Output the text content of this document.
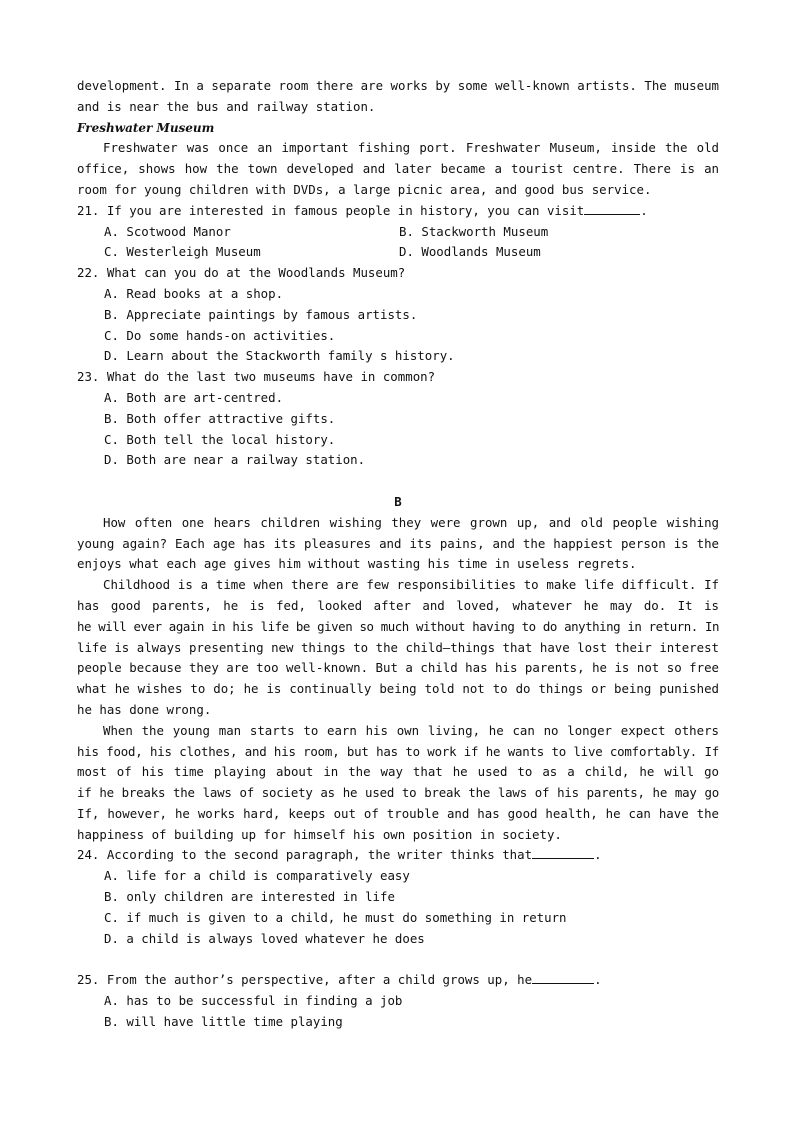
development. In a separate room there are works by some well-known artists. The museum
and is near the bus and railway station.
Freshwater Museum
Freshwater was once an important fishing port. Freshwater Museum, inside the old
office, shows how the town developed and later became a tourist centre. There is an
room for young children with DVDs, a large picnic area, and good bus service.
21. If you are interested in famous people in history, you can visit	.
A. Scotwood Manor	B. Stackworth Museum
C. Westerleigh Museum	D. Woodlands Museum
22. What can you do at the Woodlands Museum?
A. Read books at a shop.
B. Appreciate paintings by famous artists.
C. Do some hands-on activities.
D. Learn about the Stackworth family s history.
23. What do the last two museums have in common?
A. Both are art-centred.
B. Both offer attractive gifts.
C. Both tell the local history.
D. Both are near a railway station.
B
How often one hears children wishing they were grown up, and old people wishing
young again? Each age has its pleasures and its pains, and the happiest person is the
enjoys what each age gives him without wasting his time in useless regrets.
Childhood is a time when there are few responsibilities to make life difficult. If
has good parents, he is fed, looked after and loved, whatever he may do. It is
he will ever again in his life be given so much without having to do anything in return. In
life is always presenting new things to the child—things that have lost their interest
people because they are too well-known. But a child has his parents, he is not so free
what he wishes to do; he is continually being told not to do things or being punished
he has done wrong.
When the young man starts to earn his own living, he can no longer expect others
his food, his clothes, and his room, but has to work if he wants to live comfortably. If
most of his time playing about in the way that he used to as a child, he will go
if he breaks the laws of society as he used to break the laws of his parents, he may go
If, however, he works hard, keeps out of trouble and has good health, he can have the
happiness of building up for himself his own position in society.
24. According to the second paragraph, the writer thinks that	.
A. life for a child is comparatively easy
B. only children are interested in life
C. if much is given to a child, he must do something in return
D. a child is always loved whatever he does
25. From the author’s perspective, after a child grows up, he	.
A. has to be successful in finding a job
B. will have little time playing
